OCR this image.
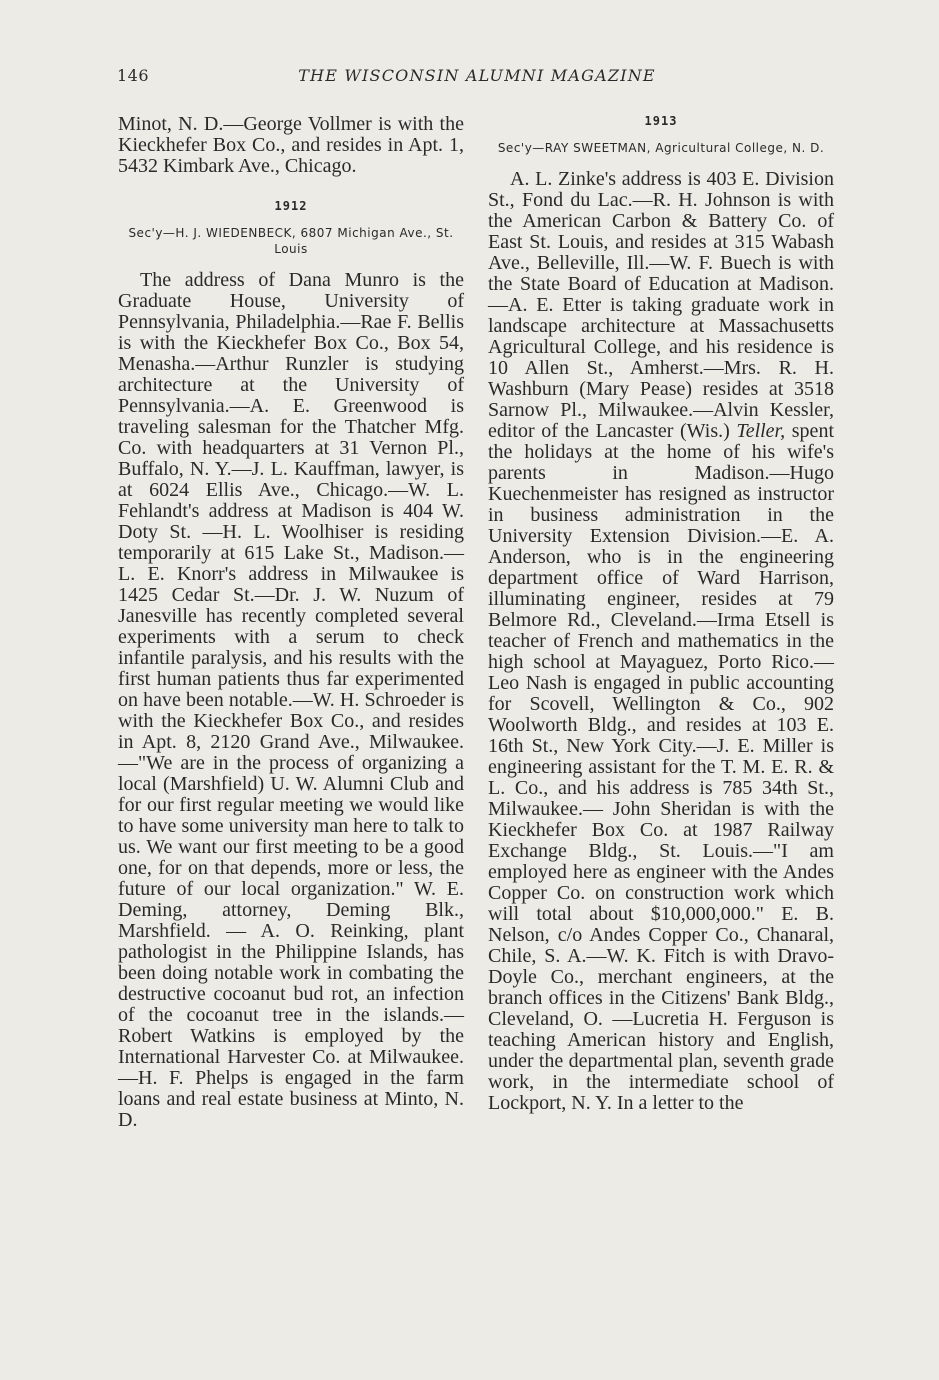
146	THE WISCONSIN ALUMNI MAGAZINE

Minot, N. D.—George Vollmer is with the Kieckhefer Box Co., and resides in Apt. 1, 5432 Kimbark Ave., Chicago.

1912
Sec'y—H. J. WIEDENBECK, 6807 Michigan Ave., St. Louis

The address of Dana Munro is the Graduate House, University of Pennsylvania, Philadelphia.—Rae F. Bellis is with the Kieckhefer Box Co., Box 54, Menasha.—Arthur Runzler is studying architecture at the University of Pennsylvania.—A. E. Greenwood is traveling salesman for the Thatcher Mfg. Co. with headquarters at 31 Vernon Pl., Buffalo, N. Y.—J. L. Kauffman, lawyer, is at 6024 Ellis Ave., Chicago.—W. L. Fehlandt's address at Madison is 404 W. Doty St. —H. L. Woolhiser is residing temporarily at 615 Lake St., Madison.— L. E. Knorr's address in Milwaukee is 1425 Cedar St.—Dr. J. W. Nuzum of Janesville has recently completed several experiments with a serum to check infantile paralysis, and his results with the first human patients thus far experimented on have been notable.—W. H. Schroeder is with the Kieckhefer Box Co., and resides in Apt. 8, 2120 Grand Ave., Milwaukee.—"We are in the process of organizing a local (Marshfield) U. W. Alumni Club and for our first regular meeting we would like to have some university man here to talk to us. We want our first meeting to be a good one, for on that depends, more or less, the future of our local organization." W. E. Deming, attorney, Deming Blk., Marshfield. — A. O. Reinking, plant pathologist in the Philippine Islands, has been doing notable work in combating the destructive cocoanut bud rot, an infection of the cocoanut tree in the islands.—Robert Watkins is employed by the International Harvester Co. at Milwaukee.—H. F. Phelps is engaged in the farm loans and real estate business at Minto, N. D.

1913
Sec'y—RAY SWEETMAN, Agricultural College, N. D.

A. L. Zinke's address is 403 E. Division St., Fond du Lac.—R. H. Johnson is with the American Carbon & Battery Co. of East St. Louis, and resides at 315 Wabash Ave., Belleville, Ill.—W. F. Buech is with the State Board of Education at Madison.—A. E. Etter is taking graduate work in landscape architecture at Massachusetts Agricultural College, and his residence is 10 Allen St., Amherst.—Mrs. R. H. Washburn (Mary Pease) resides at 3518 Sarnow Pl., Milwaukee.—Alvin Kessler, editor of the Lancaster (Wis.) Teller, spent the holidays at the home of his wife's parents in Madison.—Hugo Kuechenmeister has resigned as instructor in business administration in the University Extension Division.—E. A. Anderson, who is in the engineering department office of Ward Harrison, illuminating engineer, resides at 79 Belmore Rd., Cleveland.—Irma Etsell is teacher of French and mathematics in the high school at Mayaguez, Porto Rico.—Leo Nash is engaged in public accounting for Scovell, Wellington & Co., 902 Woolworth Bldg., and resides at 103 E. 16th St., New York City.—J. E. Miller is engineering assistant for the T. M. E. R. & L. Co., and his address is 785 34th St., Milwaukee.— John Sheridan is with the Kieckhefer Box Co. at 1987 Railway Exchange Bldg., St. Louis.—"I am employed here as engineer with the Andes Copper Co. on construction work which will total about $10,000,000." E. B. Nelson, c/o Andes Copper Co., Chanaral, Chile, S. A.—W. K. Fitch is with Dravo-Doyle Co., merchant engineers, at the branch offices in the Citizens' Bank Bldg., Cleveland, O. —Lucretia H. Ferguson is teaching American history and English, under the departmental plan, seventh grade work, in the intermediate school of Lockport, N. Y. In a letter to the
